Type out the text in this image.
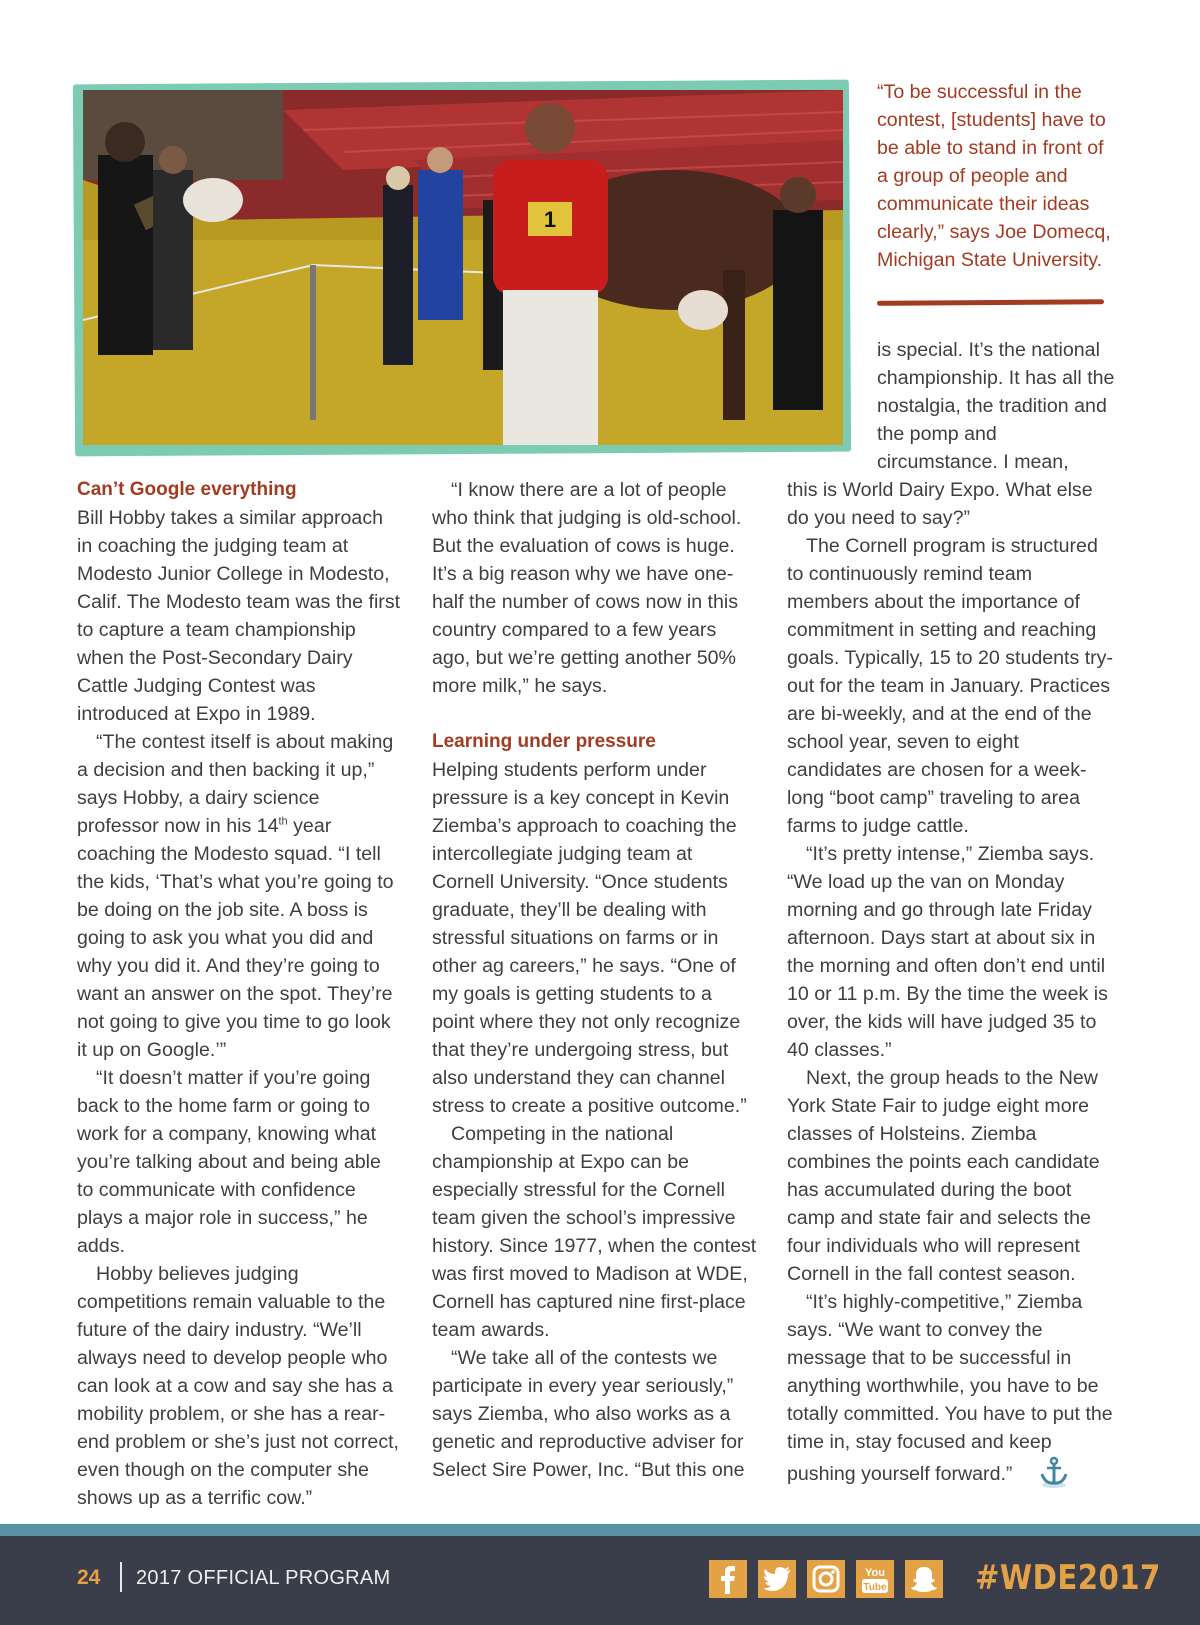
1

“To be successful in the contest, [students] have to be able to stand in front of a group of people and communicate their ideas clearly,” says Joe Domecq, Michigan State University.

is special. It’s the national championship. It has all the nostalgia, the tradition and the pomp and circumstance. I mean,

Can’t Google everything

Bill Hobby takes a similar approach in coaching the judging team at Modesto Junior College in Modesto, Calif. The Modesto team was the first to capture a team championship when the Post-Secondary Dairy Cattle Judging Contest was introduced at Expo in 1989.

“The contest itself is about making a decision and then backing it up,” says Hobby, a dairy science professor now in his 14th year coaching the Modesto squad. “I tell the kids, ‘That’s what you’re going to be doing on the job site. A boss is going to ask you what you did and why you did it. And they’re going to want an answer on the spot. They’re not going to give you time to go look it up on Google.’”

“It doesn’t matter if you’re going back to the home farm or going to work for a company, knowing what you’re talking about and being able to communicate with confidence plays a major role in success,” he adds.

Hobby believes judging competitions remain valuable to the future of the dairy industry. “We’ll always need to develop people who can look at a cow and say she has a mobility problem, or she has a rear-end problem or she’s just not correct, even though on the computer she shows up as a terrific cow.”

“I know there are a lot of people who think that judging is old-school. But the evaluation of cows is huge. It’s a big reason why we have one-half the number of cows now in this country compared to a few years ago, but we’re getting another 50% more milk,” he says.

Learning under pressure

Helping students perform under pressure is a key concept in Kevin Ziemba’s approach to coaching the intercollegiate judging team at Cornell University. “Once students graduate, they’ll be dealing with stressful situations on farms or in other ag careers,” he says. “One of my goals is getting students to a point where they not only recognize that they’re undergoing stress, but also understand they can channel stress to create a positive outcome.”

Competing in the national championship at Expo can be especially stressful for the Cornell team given the school’s impressive history. Since 1977, when the contest was first moved to Madison at WDE, Cornell has captured nine first-place team awards.

“We take all of the contests we participate in every year seriously,” says Ziemba, who also works as a genetic and reproductive adviser for Select Sire Power, Inc. “But this one

this is World Dairy Expo. What else do you need to say?”

The Cornell program is structured to continuously remind team members about the importance of commitment in setting and reaching goals. Typically, 15 to 20 students try-out for the team in January. Practices are bi-weekly, and at the end of the school year, seven to eight candidates are chosen for a week-long “boot camp” traveling to area farms to judge cattle.

“It’s pretty intense,” Ziemba says. “We load up the van on Monday morning and go through late Friday afternoon. Days start at about six in the morning and often don’t end until 10 or 11 p.m. By the time the week is over, the kids will have judged 35 to 40 classes.”

Next, the group heads to the New York State Fair to judge eight more classes of Holsteins. Ziemba combines the points each candidate has accumulated during the boot camp and state fair and selects the four individuals who will represent Cornell in the fall contest season.

“It’s highly-competitive,” Ziemba says. “We want to convey the message that to be successful in anything worthwhile, you have to be totally committed. You have to put the time in, stay focused and keep pushing yourself forward.”

24 2017 OFFICIAL PROGRAM	You
Tube	#WDE2017
